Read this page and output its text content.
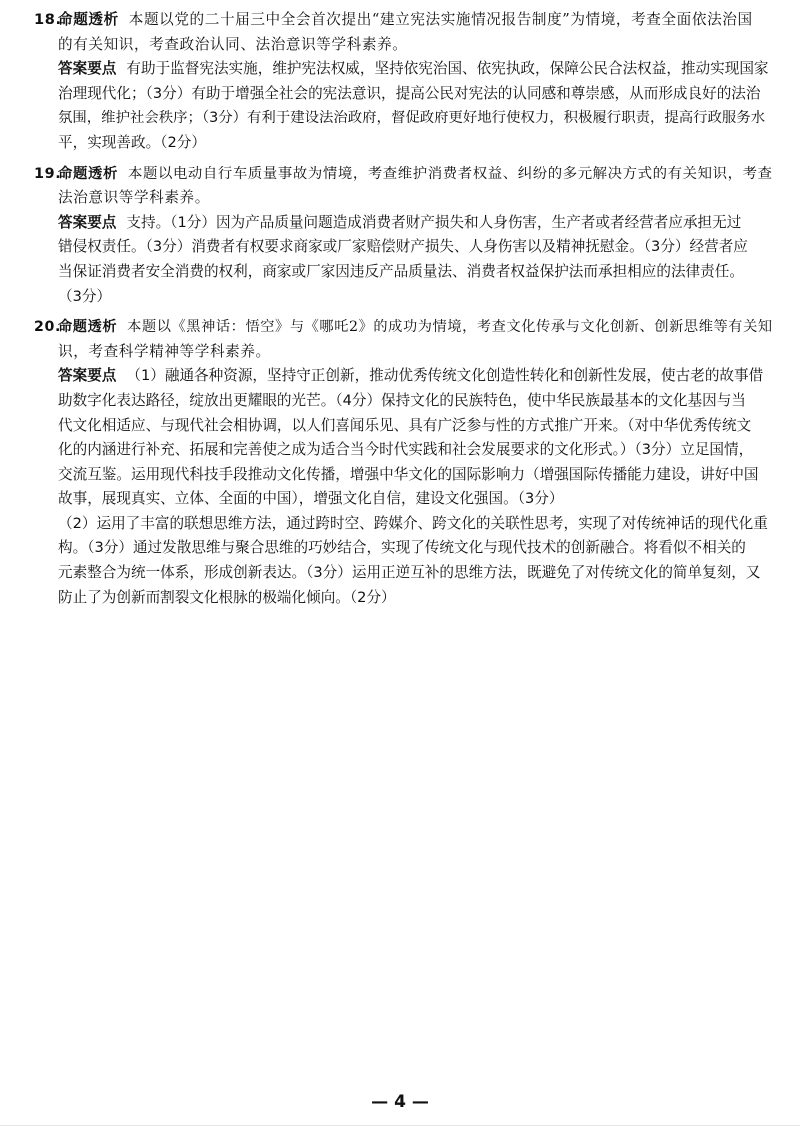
18.命题透析 本题以党的二十届三中全会首次提出“建立宪法实施情况报告制度”为情境，考查全面依法治国
的有关知识，考查政治认同、法治意识等学科素养。
答案要点 有助于监督宪法实施，维护宪法权威，坚持依宪治国、依宪执政，保障公民合法权益，推动实现国家
治理现代化；（3分）有助于增强全社会的宪法意识，提高公民对宪法的认同感和尊崇感，从而形成良好的法治
氛围，维护社会秩序；（3分）有利于建设法治政府，督促政府更好地行使权力，积极履行职责，提高行政服务水
平，实现善政。（2分）
19.命题透析 本题以电动自行车质量事故为情境，考查维护消费者权益、纠纷的多元解决方式的有关知识，考查
法治意识等学科素养。
答案要点 支持。（1分）因为产品质量问题造成消费者财产损失和人身伤害，生产者或者经营者应承担无过
错侵权责任。（3分）消费者有权要求商家或厂家赔偿财产损失、人身伤害以及精神抚慰金。（3分）经营者应
当保证消费者安全消费的权利，商家或厂家因违反产品质量法、消费者权益保护法而承担相应的法律责任。
（3分）
20.命题透析 本题以《黑神话：悟空》与《哪吒2》的成功为情境，考查文化传承与文化创新、创新思维等有关知
识，考查科学精神等学科素养。
答案要点 （1）融通各种资源，坚持守正创新，推动优秀传统文化创造性转化和创新性发展，使古老的故事借
助数字化表达路径，绽放出更耀眼的光芒。（4分）保持文化的民族特色，使中华民族最基本的文化基因与当
代文化相适应、与现代社会相协调，以人们喜闻乐见、具有广泛参与性的方式推广开来。（对中华优秀传统文
化的内涵进行补充、拓展和完善使之成为适合当今时代实践和社会发展要求的文化形式。）（3分）立足国情，
交流互鉴。运用现代科技手段推动文化传播，增强中华文化的国际影响力（增强国际传播能力建设，讲好中国
故事，展现真实、立体、全面的中国），增强文化自信，建设文化强国。（3分）
（2）运用了丰富的联想思维方法，通过跨时空、跨媒介、跨文化的关联性思考，实现了对传统神话的现代化重
构。（3分）通过发散思维与聚合思维的巧妙结合，实现了传统文化与现代技术的创新融合。将看似不相关的
元素整合为统一体系，形成创新表达。（3分）运用正逆互补的思维方法，既避免了对传统文化的简单复刻，又
防止了为创新而割裂文化根脉的极端化倾向。（2分）
— 4 —
